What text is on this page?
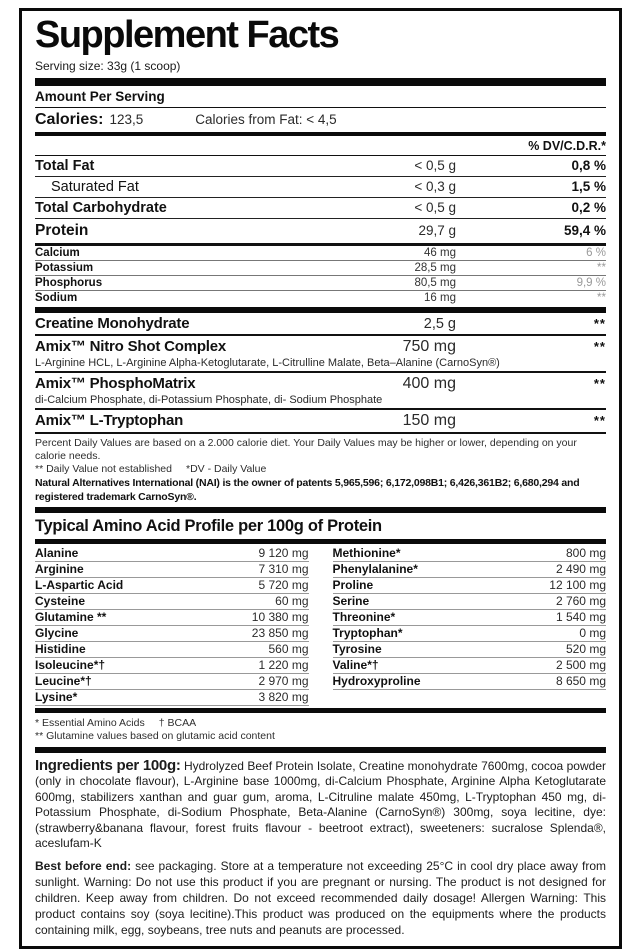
Supplement Facts
Serving size: 33g (1 scoop)
Amount Per Serving
Calories: 123,5	Calories from Fat: < 4,5
% DV/C.D.R.*
Total Fat	< 0,5 g	0,8 %
Saturated Fat	< 0,3 g	1,5 %
Total Carbohydrate	< 0,5 g	0,2 %
Protein	29,7 g	59,4 %
Calcium	46 mg	6 %
Potassium	28,5 mg	**
Phosphorus	80,5 mg	9,9 %
Sodium	16 mg	**
Creatine Monohydrate	2,5 g	**
Amix™ Nitro Shot Complex	750 mg	**
L-Arginine HCL, L-Arginine Alpha-Ketoglutarate, L-Citrulline Malate, Beta–Alanine (CarnoSyn®)
Amix™ PhosphoMatrix	400 mg	**
di-Calcium Phosphate, di-Potassium Phosphate, di- Sodium Phosphate
Amix™ L-Tryptophan	150 mg	**
Percent Daily Values are based on a 2.000 calorie diet. Your Daily Values may be higher or lower, depending on your calorie needs.
** Daily Value not established *DV - Daily Value
Natural Alternatives International (NAI) is the owner of patents 5,965,596; 6,172,098B1; 6,426,361B2; 6,680,294 and registered trademark CarnoSyn®.
Typical Amino Acid Profile per 100g of Protein
Alanine	9 120 mg
Arginine	7 310 mg
L-Aspartic Acid	5 720 mg
Cysteine	60 mg
Glutamine **	10 380 mg
Glycine	23 850 mg
Histidine	560 mg
Isoleucine*†	1 220 mg
Leucine*†	2 970 mg
Lysine*	3 820 mg
Methionine*	800 mg
Phenylalanine*	2 490 mg
Proline	12 100 mg
Serine	2 760 mg
Threonine*	1 540 mg
Tryptophan*	0 mg
Tyrosine	520 mg
Valine*†	2 500 mg
Hydroxyproline	8 650 mg
* Essential Amino Acids † BCAA
** Glutamine values based on glutamic acid content

Ingredients per 100g: Hydrolyzed Beef Protein Isolate, Creatine monohydrate 7600mg, cocoa powder (only in chocolate flavour), L-Arginine base 1000mg, di-Calcium Phosphate, Arginine Alpha Ketoglutarate 600mg, stabilizers xanthan and guar gum, aroma, L-Citruline malate 450mg, L-Tryptophan 450 mg, di-Potassium Phosphate, di-Sodium Phosphate, Beta-Alanine (CarnoSyn®) 300mg, soya lecitine, dye: (strawberry&banana flavour, forest fruits flavour - beetroot extract), sweeteners: sucralose Splenda®, aceslufam-K

Best before end: see packaging. Store at a temperature not exceeding 25°C in cool dry place away from sunlight. Warning: Do not use this product if you are pregnant or nursing. The product is not designed for children. Keep away from children. Do not exceed recommended daily dosage! Allergen Warning: This product contains soy (soya lecitine).This product was produced on the equipments where the products containing milk, egg, soybeans, tree nuts and peanuts are processed.
